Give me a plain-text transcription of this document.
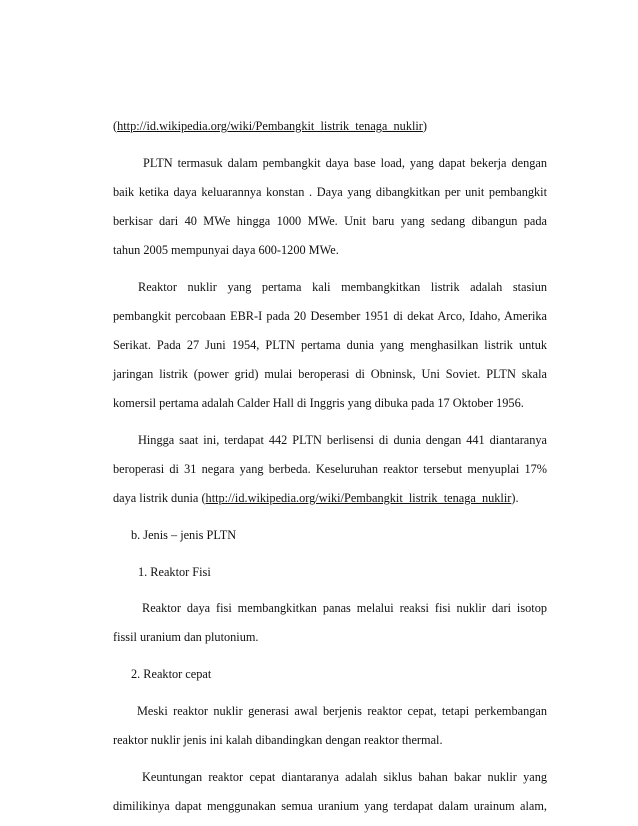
(http://id.wikipedia.org/wiki/Pembangkit_listrik_tenaga_nuklir)
PLTN termasuk dalam pembangkit daya base load, yang dapat bekerja dengan
baik ketika daya keluarannya konstan . Daya yang dibangkitkan per unit pembangkit
berkisar dari 40 MWe hingga 1000 MWe. Unit baru yang sedang dibangun pada
tahun 2005 mempunyai daya 600-1200 MWe.
Reaktor nuklir yang pertama kali membangkitkan listrik adalah stasiun
pembangkit percobaan EBR-I pada 20 Desember 1951 di dekat Arco, Idaho, Amerika
Serikat. Pada 27 Juni 1954, PLTN pertama dunia yang menghasilkan listrik untuk
jaringan listrik (power grid) mulai beroperasi di Obninsk, Uni Soviet. PLTN skala
komersil pertama adalah Calder Hall di Inggris yang dibuka pada 17 Oktober 1956.
Hingga saat ini, terdapat 442 PLTN berlisensi di dunia dengan 441 diantaranya
beroperasi di 31 negara yang berbeda. Keseluruhan reaktor tersebut menyuplai 17%
daya listrik dunia (http://id.wikipedia.org/wiki/Pembangkit_listrik_tenaga_nuklir).
b. Jenis – jenis PLTN
1. Reaktor Fisi
Reaktor daya fisi membangkitkan panas melalui reaksi fisi nuklir dari isotop
fissil uranium dan plutonium.
2. Reaktor cepat
Meski reaktor nuklir generasi awal berjenis reaktor cepat, tetapi perkembangan
reaktor nuklir jenis ini kalah dibandingkan dengan reaktor thermal.
Keuntungan reaktor cepat diantaranya adalah siklus bahan bakar nuklir yang
dimilikinya dapat menggunakan semua uranium yang terdapat dalam urainum alam,
